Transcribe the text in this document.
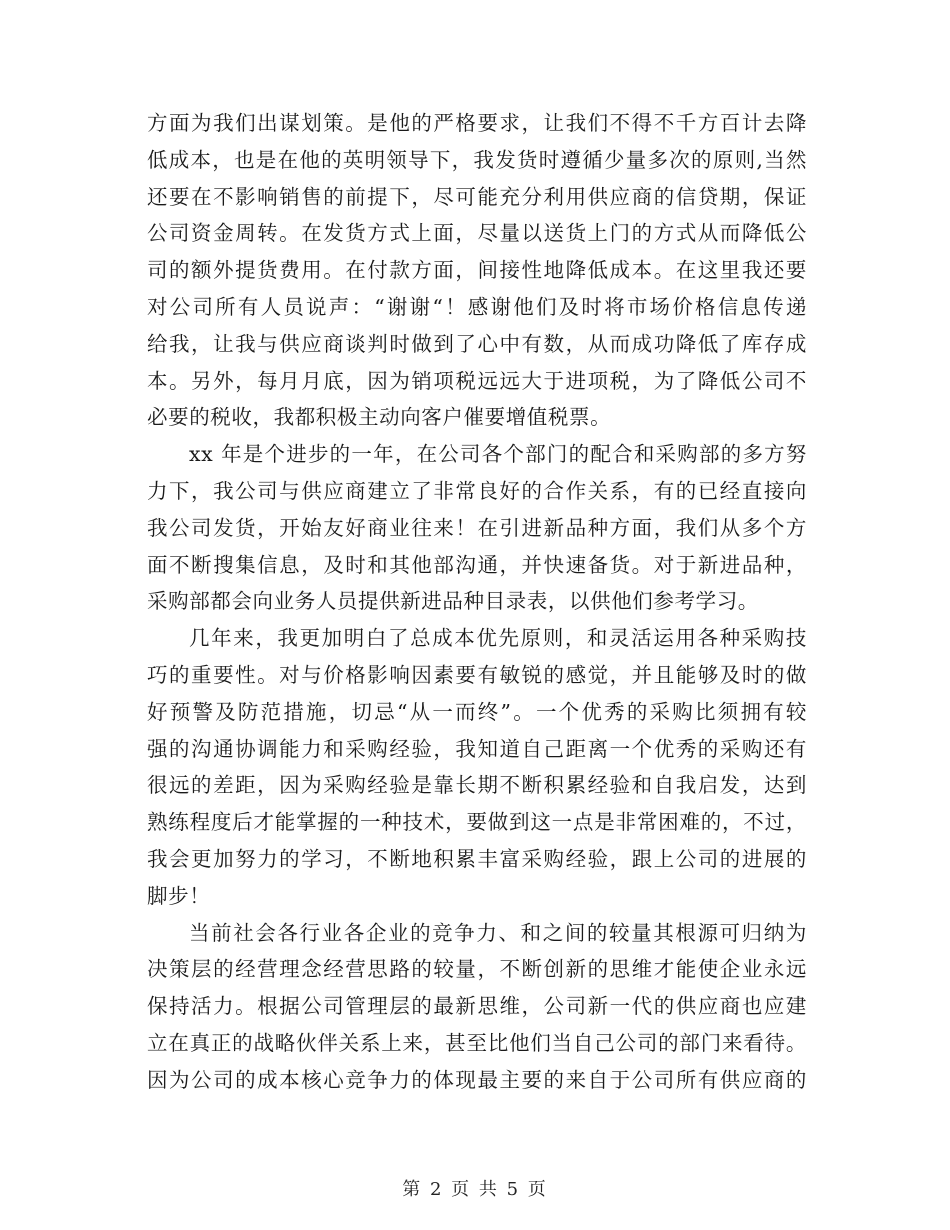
方面为我们出谋划策。是他的严格要求，让我们不得不千方百计去降
低成本，也是在他的英明领导下，我发货时遵循少量多次的原则,当然
还要在不影响销售的前提下，尽可能充分利用供应商的信贷期，保证
公司资金周转。在发货方式上面，尽量以送货上门的方式从而降低公
司的额外提货费用。在付款方面，间接性地降低成本。在这里我还要
对公司所有人员说声：“谢谢“！感谢他们及时将市场价格信息传递
给我，让我与供应商谈判时做到了心中有数，从而成功降低了库存成
本。另外，每月月底，因为销项税远远大于进项税，为了降低公司不
必要的税收，我都积极主动向客户催要增值税票。
xx 年是个进步的一年，在公司各个部门的配合和采购部的多方努
力下，我公司与供应商建立了非常良好的合作关系，有的已经直接向
我公司发货，开始友好商业往来！在引进新品种方面，我们从多个方
面不断搜集信息，及时和其他部沟通，并快速备货。对于新进品种，
采购部都会向业务人员提供新进品种目录表，以供他们参考学习。
几年来，我更加明白了总成本优先原则，和灵活运用各种采购技
巧的重要性。对与价格影响因素要有敏锐的感觉，并且能够及时的做
好预警及防范措施，切忌“从一而终”。一个优秀的采购比须拥有较
强的沟通协调能力和采购经验，我知道自己距离一个优秀的采购还有
很远的差距，因为采购经验是靠长期不断积累经验和自我启发，达到
熟练程度后才能掌握的一种技术，要做到这一点是非常困难的，不过，
我会更加努力的学习，不断地积累丰富采购经验，跟上公司的进展的
脚步！
当前社会各行业各企业的竞争力、和之间的较量其根源可归纳为
决策层的经营理念经营思路的较量，不断创新的思维才能使企业永远
保持活力。根据公司管理层的最新思维，公司新一代的供应商也应建
立在真正的战略伙伴关系上来，甚至比他们当自己公司的部门来看待。
因为公司的成本核心竞争力的体现最主要的来自于公司所有供应商的
第 2 页 共 5 页
